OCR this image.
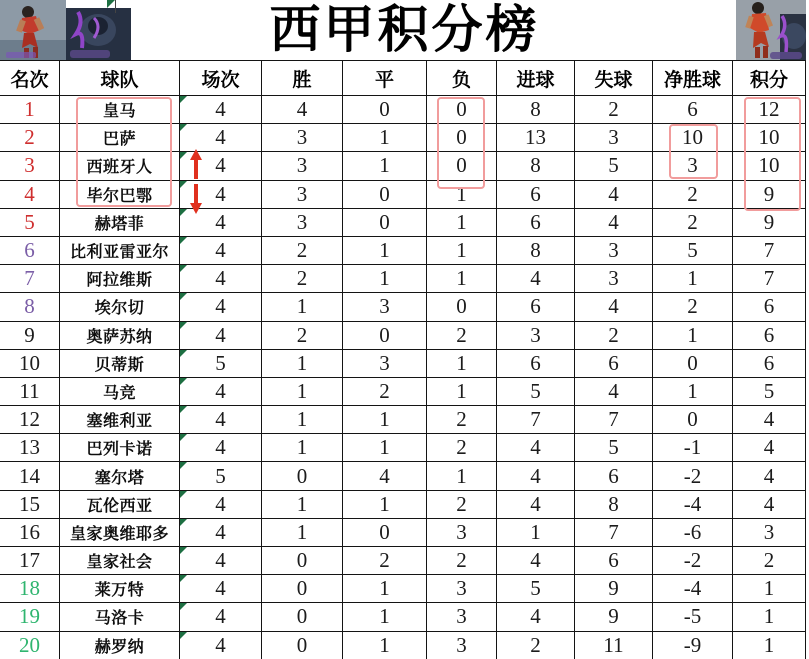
西甲积分榜
名次	球队	场次	胜	平	负	进球	失球	净胜球	积分
1	皇马	4	4	0	0	8	2	6	12
2	巴萨	4	3	1	0	13	3	10	10
3	西班牙人	4	3	1	0	8	5	3	10
4	毕尔巴鄂	4	3	0	1	6	4	2	9
5	赫塔菲	4	3	0	1	6	4	2	9
6	比利亚雷亚尔	4	2	1	1	8	3	5	7
7	阿拉维斯	4	2	1	1	4	3	1	7
8	埃尔切	4	1	3	0	6	4	2	6
9	奥萨苏纳	4	2	0	2	3	2	1	6
10	贝蒂斯	5	1	3	1	6	6	0	6
11	马竞	4	1	2	1	5	4	1	5
12	塞维利亚	4	1	1	2	7	7	0	4
13	巴列卡诺	4	1	1	2	4	5	-1	4
14	塞尔塔	5	0	4	1	4	6	-2	4
15	瓦伦西亚	4	1	1	2	4	8	-4	4
16	皇家奥维耶多	4	1	0	3	1	7	-6	3
17	皇家社会	4	0	2	2	4	6	-2	2
18	莱万特	4	0	1	3	5	9	-4	1
19	马洛卡	4	0	1	3	4	9	-5	1
20	赫罗纳	4	0	1	3	2	11	-9	1
